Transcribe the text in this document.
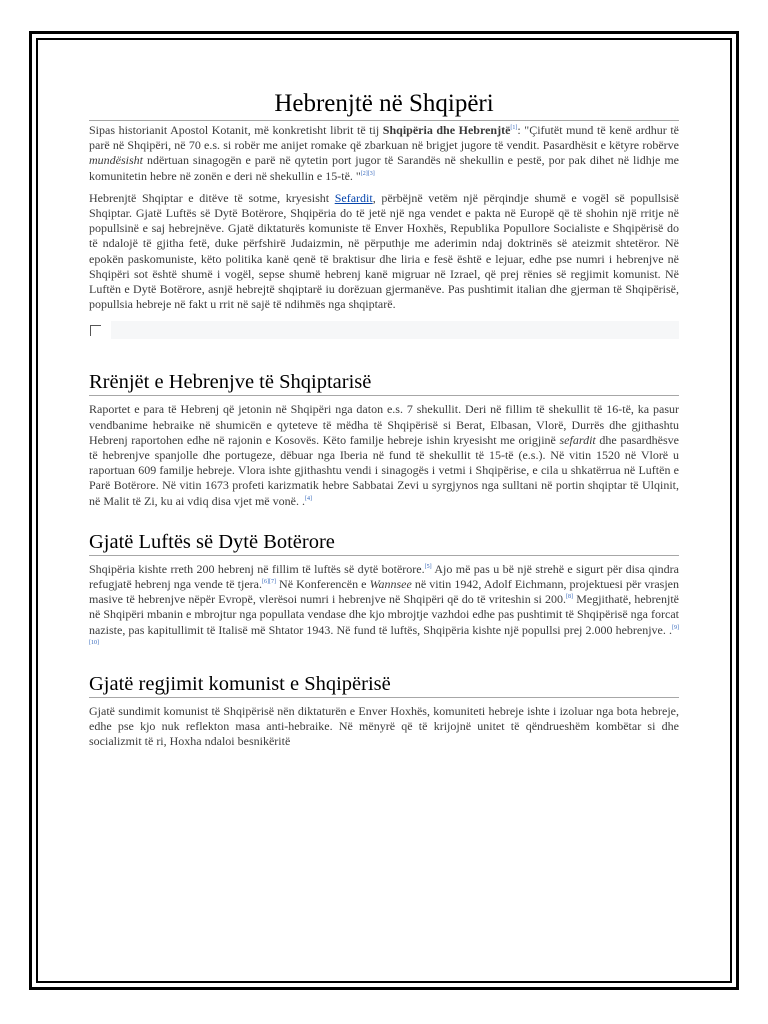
Hebrenjtë në Shqipëri

Sipas historianit Apostol Kotanit, më konkretisht librit të tij Shqipëria dhe Hebrenjtë[1]: "Çifutët mund të kenë ardhur të parë në Shqipëri, në 70 e.s. si robër me anijet romake që zbarkuan në brigjet jugore të vendit. Pasardhësit e këtyre robërve mundësisht ndërtuan sinagogën e parë në qytetin port jugor të Sarandës në shekullin e pestë, por pak dihet në lidhje me komunitetin hebre në zonën e deri në shekullin e 15-të. "[2][3]

Hebrenjtë Shqiptar e ditëve të sotme, kryesisht Sefardit, përbëjnë vetëm një përqindje shumë e vogël së popullsisë Shqiptar. Gjatë Luftës së Dytë Botërore, Shqipëria do të jetë një nga vendet e pakta në Europë që të shohin një rritje në popullsinë e saj hebrejnëve. Gjatë diktaturës komuniste të Enver Hoxhës, Republika Popullore Socialiste e Shqipërisë do të ndalojë të gjitha fetë, duke përfshirë Judaizmin, në përputhje me aderimin ndaj doktrinës së ateizmit shtetëror. Në epokën paskomuniste, këto politika kanë qenë të braktisur dhe liria e fesë është e lejuar, edhe pse numri i hebrenjve në Shqipëri sot është shumë i vogël, sepse shumë hebrenj kanë migruar në Izrael, që prej rënies së regjimit komunist. Në Luftën e Dytë Botërore, asnjë hebrejtë shqiptarë iu dorëzuan gjermanëve. Pas pushtimit italian dhe gjerman të Shqipërisë, popullsia hebreje në fakt u rrit në sajë të ndihmës nga shqiptarë.

Rrënjët e Hebrenjve të Shqiptarisë

Raportet e para të Hebrenj që jetonin në Shqipëri nga daton e.s. 7 shekullit. Deri në fillim të shekullit të 16-të, ka pasur vendbanime hebraike në shumicën e qyteteve të mëdha të Shqipërisë si Berat, Elbasan, Vlorë, Durrës dhe gjithashtu Hebrenj raportohen edhe në rajonin e Kosovës. Këto familje hebreje ishin kryesisht me origjinë sefardit dhe pasardhësve të hebrenjve spanjolle dhe portugeze, dëbuar nga Iberia në fund të shekullit të 15-të (e.s.). Në vitin 1520 në Vlorë u raportuan 609 familje hebreje. Vlora ishte gjithashtu vendi i sinagogës i vetmi i Shqipërise, e cila u shkatërrua në Luftën e Parë Botërore. Në vitin 1673 profeti karizmatik hebre Sabbatai Zevi u syrgjynos nga sulltani në portin shqiptar të Ulqinit, në Malit të Zi, ku ai vdiq disa vjet më vonë. .[4]

Gjatë Luftës së Dytë Botërore

Shqipëria kishte rreth 200 hebrenj në fillim të luftës së dytë botërore.[5] Ajo më pas u bë një strehë e sigurt për disa qindra refugjatë hebrenj nga vende të tjera.[6][7] Në Konferencën e Wannsee në vitin 1942, Adolf Eichmann, projektuesi për vrasjen masive të hebrenjve nëpër Evropë, vlerësoi numri i hebrenjve në Shqipëri që do të vriteshin si 200.[8] Megjithatë, hebrenjtë në Shqipëri mbanin e mbrojtur nga popullata vendase dhe kjo mbrojtje vazhdoi edhe pas pushtimit të Shqipërisë nga forcat naziste, pas kapitullimit të Italisë më Shtator 1943. Në fund të luftës, Shqipëria kishte një popullsi prej 2.000 hebrenjve. .[9][10]

Gjatë regjimit komunist e Shqipërisë

Gjatë sundimit komunist të Shqipërisë nën diktaturën e Enver Hoxhës, komuniteti hebreje ishte i izoluar nga bota hebreje, edhe pse kjo nuk reflekton masa anti-hebraike. Në mënyrë që të krijojnë unitet të qëndrueshëm kombëtar si dhe socializmit të ri, Hoxha ndaloi besnikëritë
